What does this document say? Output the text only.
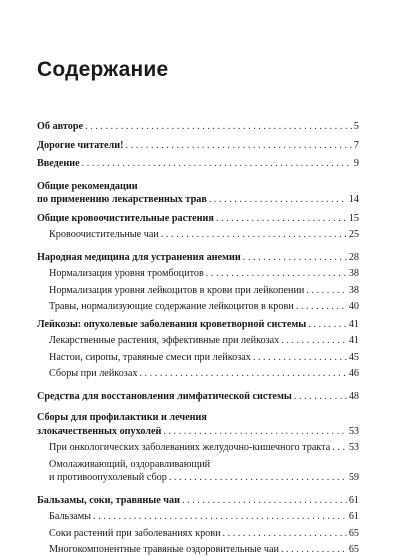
Содержание
Об авторе . . .	5
Дорогие читатели! . . .	7
Введение . . .	9
Общие рекомендации
по применению лекарственных трав . . .	14
Общие кровоочистительные растения . . .	15
Кровоочистительные чаи . . .	25
Народная медицина для устранения анемии . . .	28
Нормализация уровня тромбоцитов . . .	38
Нормализация уровня лейкоцитов в крови при лейкопении . . .	38
Травы, нормализующие содержание лейкоцитов в крови . . .	40
Лейкозы: опухолевые заболевания кроветворной системы . . .	41
Лекарственные растения, эффективные при лейкозах . . .	41
Настои, сиропы, травяные смеси при лейкозах . . .	45
Сборы при лейкозах . . .	46
Средства для восстановления лимфатической системы . . .	48
Сборы для профилактики и лечения
злокачественных опухолей . . .	53
При онкологических заболеваниях желудочно-кишечного тракта . . . 53
Омолаживающий, оздоравливающий
и противоопухолевый сбор . . .	59
Бальзамы, соки, травяные чаи . . .	61
Бальзамы . . .	61
Соки растений при заболеваниях крови . . .	65
Многокомпонентные травяные оздоровительные чаи . . .	65
